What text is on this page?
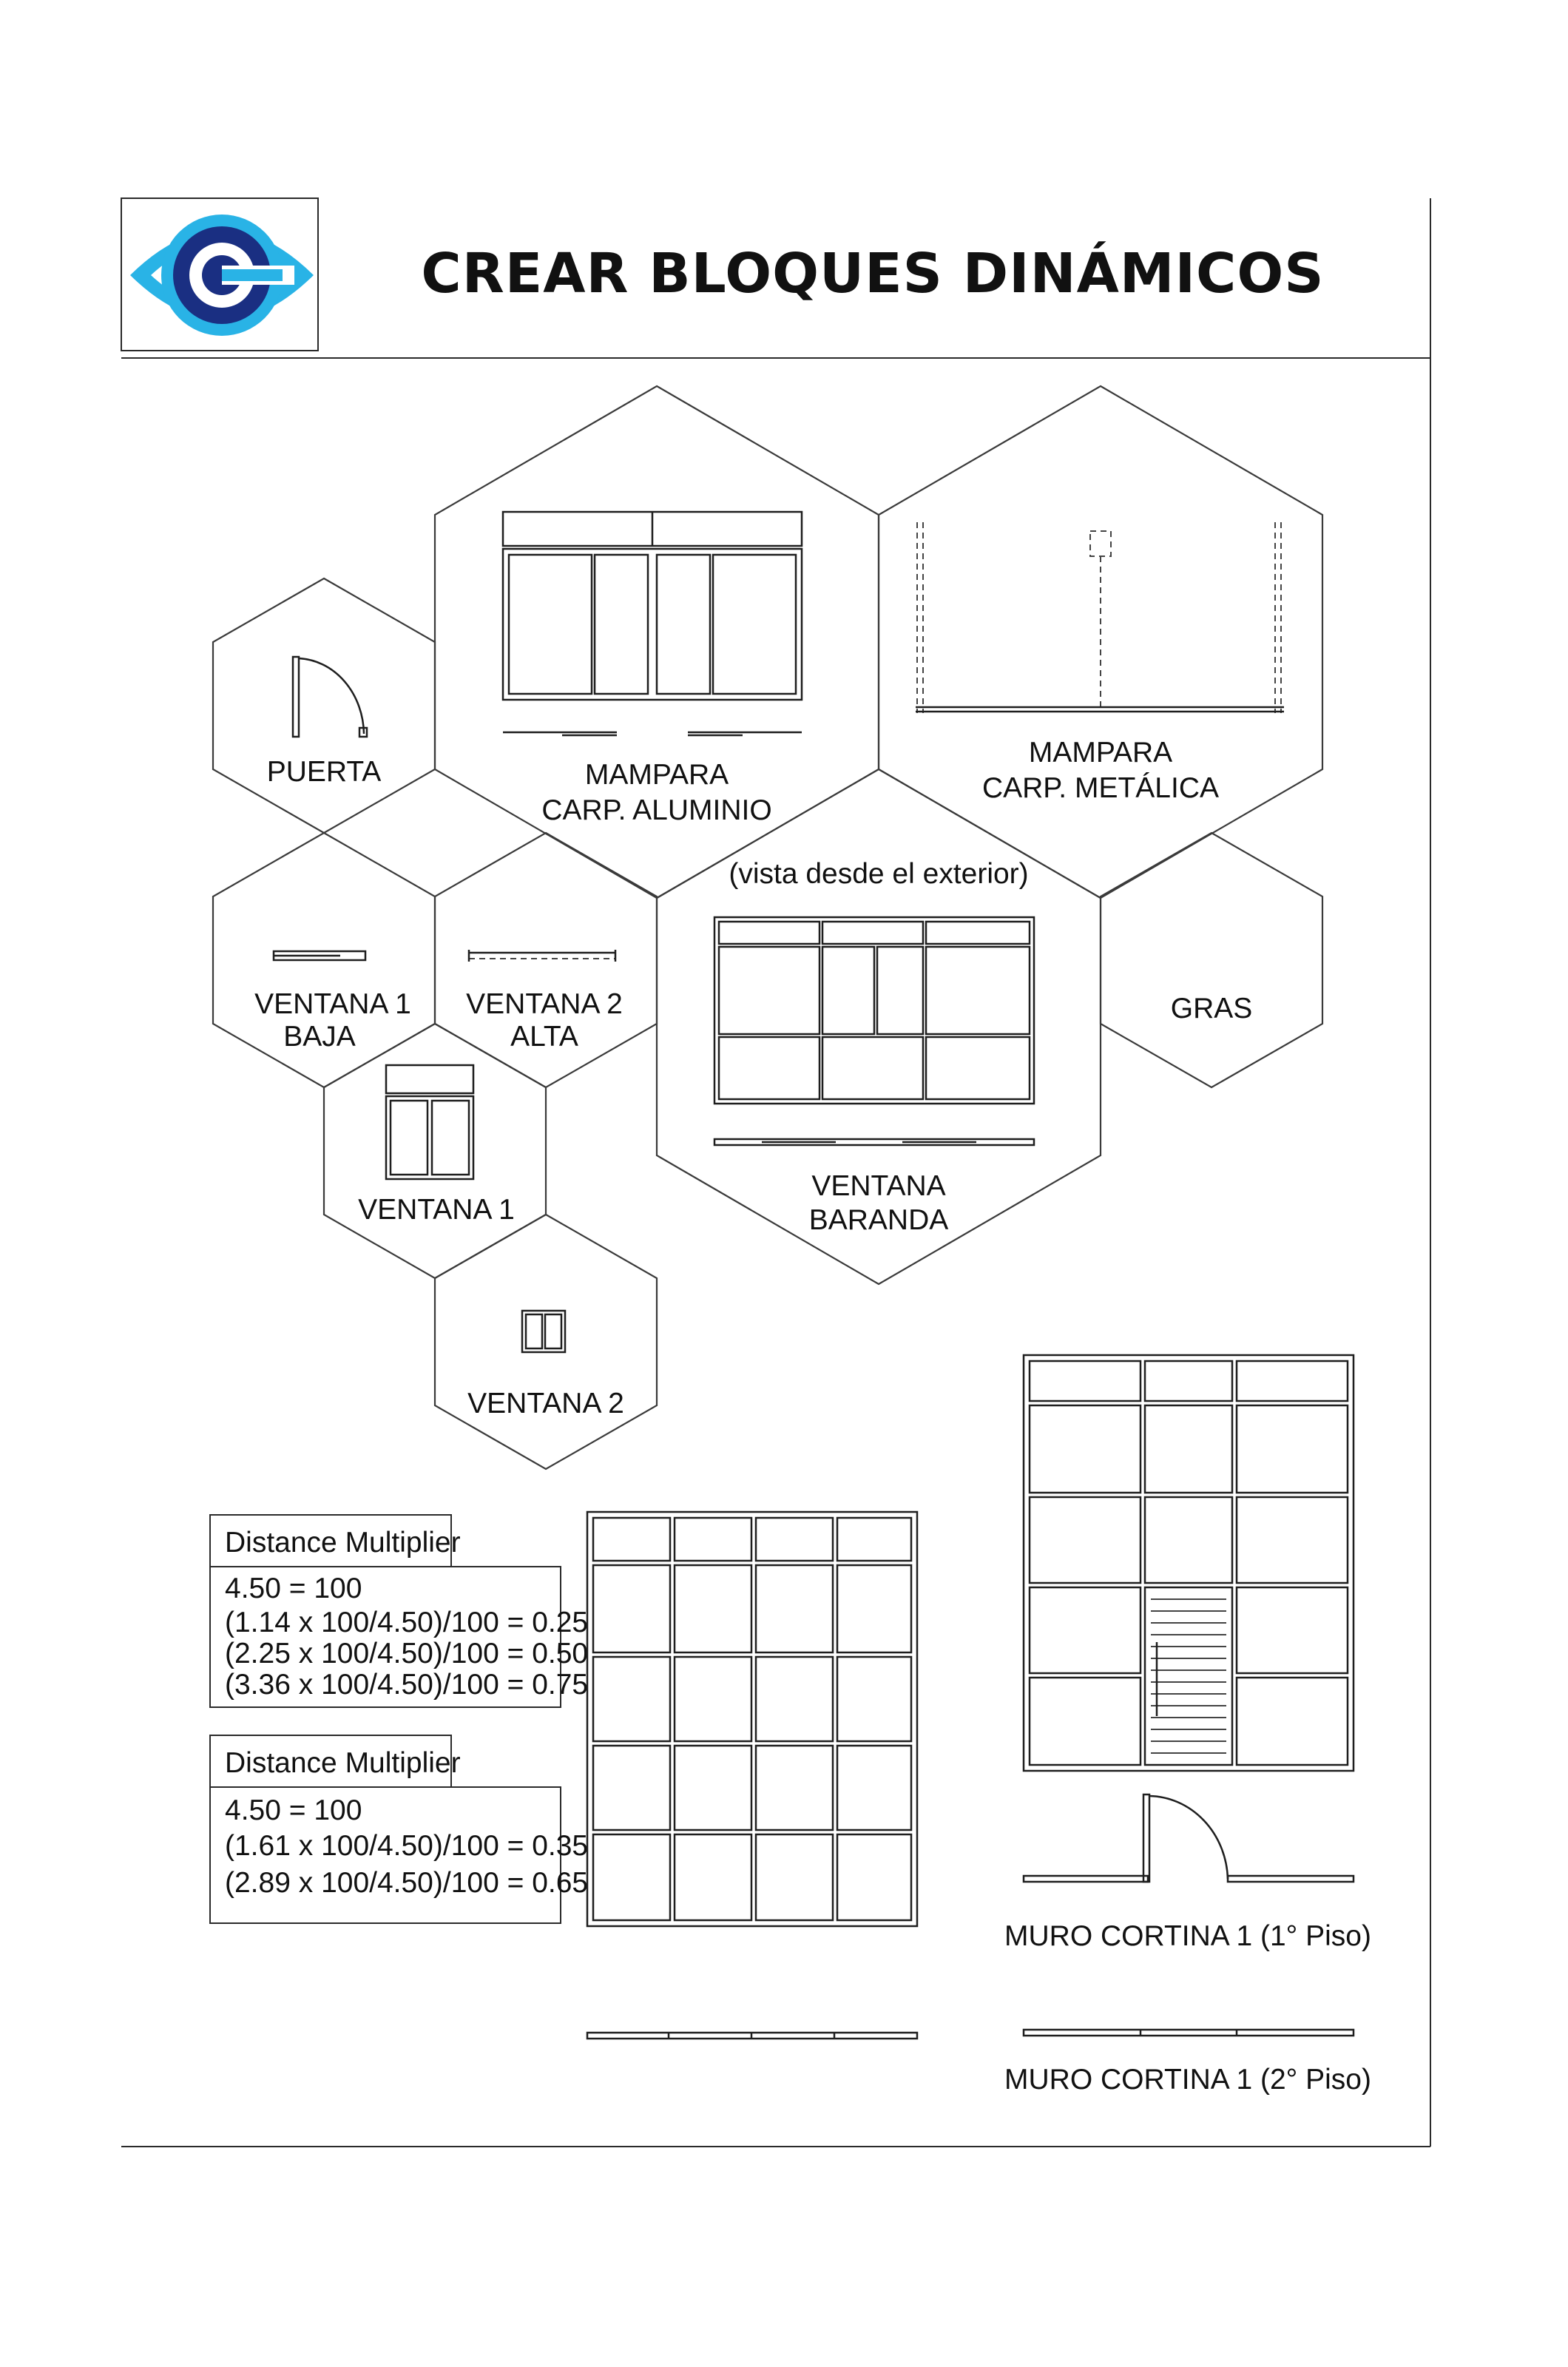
CREAR BLOQUES DINÁMICOS
PUERTA	MAMPARA
CARP. ALUMINIO
MAMPARA
CARP. METÁLICA
(vista desde el exterior)
VENTANA 1
BAJA
VENTANA 2
ALTA
GRAS
VENTANA 1
VENTANA
BARANDA
VENTANA 2
Distance Multiplier
4.50 = 100
(1.14 x 100/4.50)/100 = 0.25
(2.25 x 100/4.50)/100 = 0.50
(3.36 x 100/4.50)/100 = 0.75
Distance Multiplier
4.50 = 100
(1.61 x 100/4.50)/100 = 0.35
(2.89 x 100/4.50)/100 = 0.65
MURO CORTINA 1 (1° Piso)
MURO CORTINA 1 (2° Piso)
